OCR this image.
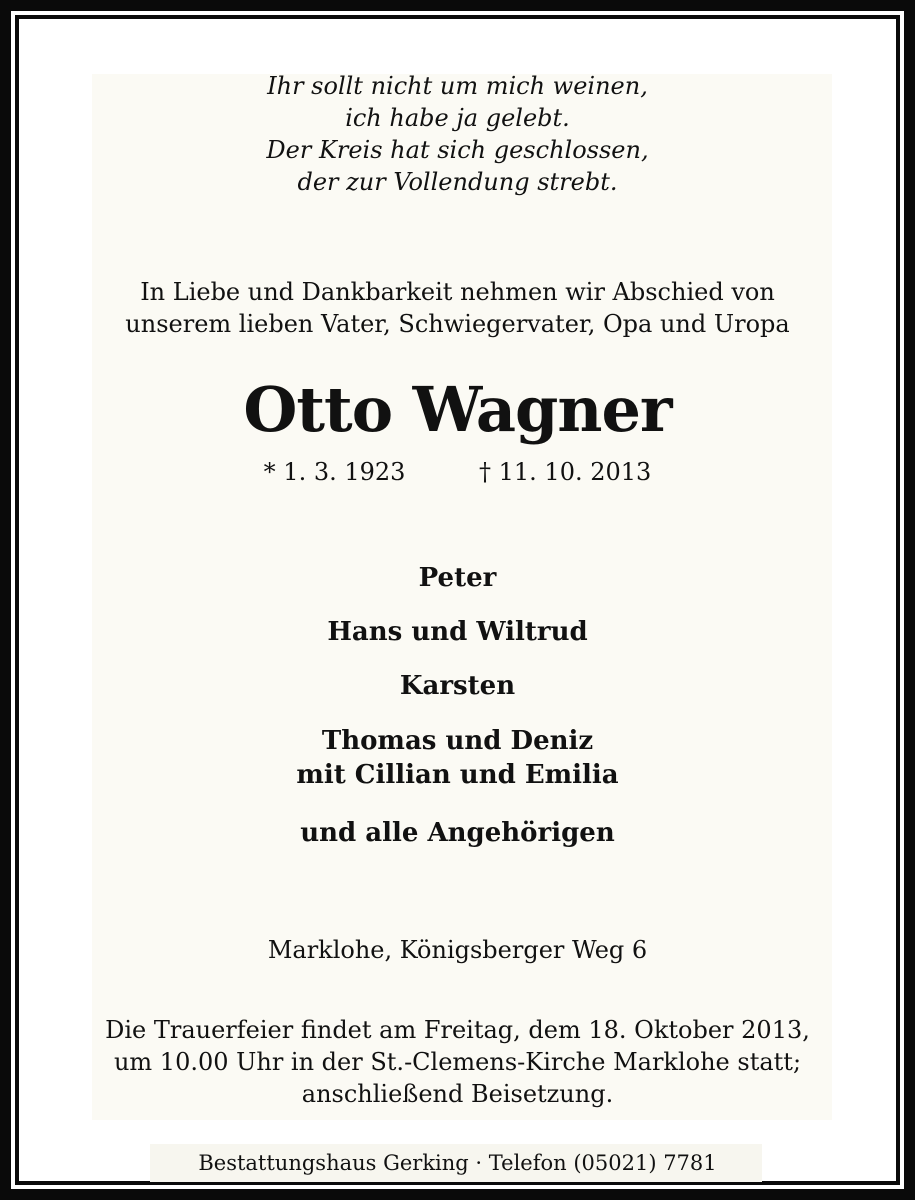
Ihr sollt nicht um mich weinen,
ich habe ja gelebt.
Der Kreis hat sich geschlossen,
der zur Vollendung strebt.
In Liebe und Dankbarkeit nehmen wir Abschied von
unserem lieben Vater, Schwiegervater, Opa und Uropa
Otto Wagner
* 1. 3. 1923	† 11. 10. 2013
Peter
Hans und Wiltrud
Karsten
Thomas und Deniz
mit Cillian und Emilia
und alle Angehörigen
Marklohe, Königsberger Weg 6
Die Trauerfeier findet am Freitag, dem 18. Oktober 2013,
um 10.00 Uhr in der St.-Clemens-Kirche Marklohe statt;
anschließend Beisetzung.
Bestattungshaus Gerking · Telefon (05021) 7781
